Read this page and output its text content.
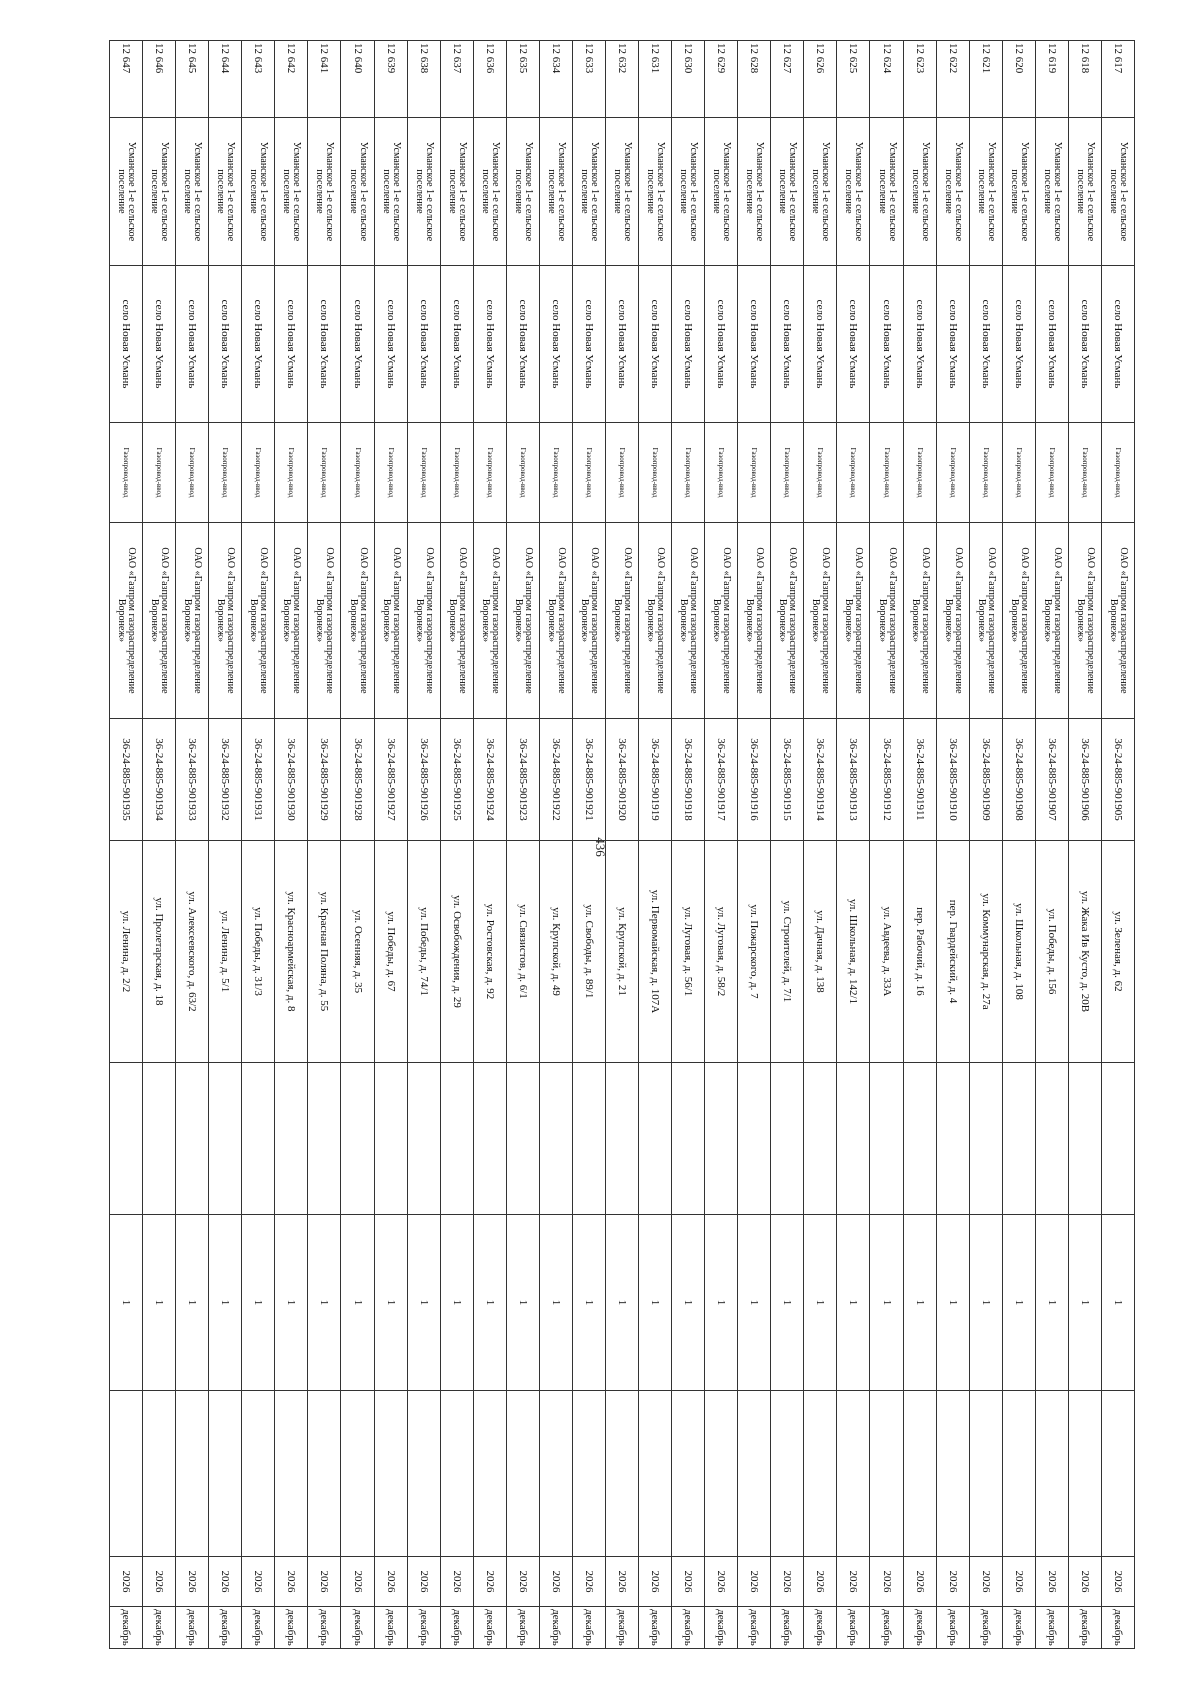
436
12 617	Усманское 1-е сельское поселение	село Новая Усмань	Газопровод-ввод	ОАО «Газпром газораспределение Воронеж»	36-24-885-901905	ул. Зеленая, д. 62		1		2026	декабрь
12 618	Усманское 1-е сельское поселение	село Новая Усмань	Газопровод-ввод	ОАО «Газпром газораспределение Воронеж»	36-24-885-901906	ул. Жака Ив Кусто, д. 20В		1		2026	декабрь
12 619	Усманское 1-е сельское поселение	село Новая Усмань	Газопровод-ввод	ОАО «Газпром газораспределение Воронеж»	36-24-885-901907	ул. Победы, д. 156		1		2026	декабрь
12 620	Усманское 1-е сельское поселение	село Новая Усмань	Газопровод-ввод	ОАО «Газпром газораспределение Воронеж»	36-24-885-901908	ул. Школьная, д. 108		1		2026	декабрь
12 621	Усманское 1-е сельское поселение	село Новая Усмань	Газопровод-ввод	ОАО «Газпром газораспределение Воронеж»	36-24-885-901909	ул. Коммунарская, д. 27а		1		2026	декабрь
12 622	Усманское 1-е сельское поселение	село Новая Усмань	Газопровод-ввод	ОАО «Газпром газораспределение Воронеж»	36-24-885-901910	пер. Гвардейский, д. 4		1		2026	декабрь
12 623	Усманское 1-е сельское поселение	село Новая Усмань	Газопровод-ввод	ОАО «Газпром газораспределение Воронеж»	36-24-885-901911	пер. Рабочий, д. 16		1		2026	декабрь
12 624	Усманское 1-е сельское поселение	село Новая Усмань	Газопровод-ввод	ОАО «Газпром газораспределение Воронеж»	36-24-885-901912	ул. Авдеева, д. 33А		1		2026	декабрь
12 625	Усманское 1-е сельское поселение	село Новая Усмань	Газопровод-ввод	ОАО «Газпром газораспределение Воронеж»	36-24-885-901913	ул. Школьная, д. 142/1		1		2026	декабрь
12 626	Усманское 1-е сельское поселение	село Новая Усмань	Газопровод-ввод	ОАО «Газпром газораспределение Воронеж»	36-24-885-901914	ул. Дачная, д. 138		1		2026	декабрь
12 627	Усманское 1-е сельское поселение	село Новая Усмань	Газопровод-ввод	ОАО «Газпром газораспределение Воронеж»	36-24-885-901915	ул. Строителей, д. 7/1		1		2026	декабрь
12 628	Усманское 1-е сельское поселение	село Новая Усмань	Газопровод-ввод	ОАО «Газпром газораспределение Воронеж»	36-24-885-901916	ул. Пожарского, д. 7		1		2026	декабрь
12 629	Усманское 1-е сельское поселение	село Новая Усмань	Газопровод-ввод	ОАО «Газпром газораспределение Воронеж»	36-24-885-901917	ул. Луговая, д. 58/2		1		2026	декабрь
12 630	Усманское 1-е сельское поселение	село Новая Усмань	Газопровод-ввод	ОАО «Газпром газораспределение Воронеж»	36-24-885-901918	ул. Луговая, д. 56/1		1		2026	декабрь
12 631	Усманское 1-е сельское поселение	село Новая Усмань	Газопровод-ввод	ОАО «Газпром газораспределение Воронеж»	36-24-885-901919	ул. Первомайская, д. 107А		1		2026	декабрь
12 632	Усманское 1-е сельское поселение	село Новая Усмань	Газопровод-ввод	ОАО «Газпром газораспределение Воронеж»	36-24-885-901920	ул. Крупской, д. 21		1		2026	декабрь
12 633	Усманское 1-е сельское поселение	село Новая Усмань	Газопровод-ввод	ОАО «Газпром газораспределение Воронеж»	36-24-885-901921	ул. Свободы, д. 89/1		1		2026	декабрь
12 634	Усманское 1-е сельское поселение	село Новая Усмань	Газопровод-ввод	ОАО «Газпром газораспределение Воронеж»	36-24-885-901922	ул. Крупской, д. 49		1		2026	декабрь
12 635	Усманское 1-е сельское поселение	село Новая Усмань	Газопровод-ввод	ОАО «Газпром газораспределение Воронеж»	36-24-885-901923	ул. Связистов, д. 6/1		1		2026	декабрь
12 636	Усманское 1-е сельское поселение	село Новая Усмань	Газопровод-ввод	ОАО «Газпром газораспределение Воронеж»	36-24-885-901924	ул. Ростовская, д. 92		1		2026	декабрь
12 637	Усманское 1-е сельское поселение	село Новая Усмань	Газопровод-ввод	ОАО «Газпром газораспределение Воронеж»	36-24-885-901925	ул. Освобождения, д. 29		1		2026	декабрь
12 638	Усманское 1-е сельское поселение	село Новая Усмань	Газопровод-ввод	ОАО «Газпром газораспределение Воронеж»	36-24-885-901926	ул. Победы, д. 74/1		1		2026	декабрь
12 639	Усманское 1-е сельское поселение	село Новая Усмань	Газопровод-ввод	ОАО «Газпром газораспределение Воронеж»	36-24-885-901927	ул. Победы, д. 67		1		2026	декабрь
12 640	Усманское 1-е сельское поселение	село Новая Усмань	Газопровод-ввод	ОАО «Газпром газораспределение Воронеж»	36-24-885-901928	ул. Осенняя, д. 35		1		2026	декабрь
12 641	Усманское 1-е сельское поселение	село Новая Усмань	Газопровод-ввод	ОАО «Газпром газораспределение Воронеж»	36-24-885-901929	ул. Красная Поляна, д. 55		1		2026	декабрь
12 642	Усманское 1-е сельское поселение	село Новая Усмань	Газопровод-ввод	ОАО «Газпром газораспределение Воронеж»	36-24-885-901930	ул. Красноармейская, д. 8		1		2026	декабрь
12 643	Усманское 1-е сельское поселение	село Новая Усмань	Газопровод-ввод	ОАО «Газпром газораспределение Воронеж»	36-24-885-901931	ул. Победы, д. 31/3		1		2026	декабрь
12 644	Усманское 1-е сельское поселение	село Новая Усмань	Газопровод-ввод	ОАО «Газпром газораспределение Воронеж»	36-24-885-901932	ул. Ленина, д. 5/1		1		2026	декабрь
12 645	Усманское 1-е сельское поселение	село Новая Усмань	Газопровод-ввод	ОАО «Газпром газораспределение Воронеж»	36-24-885-901933	ул. Алексеевского, д. 63/2		1		2026	декабрь
12 646	Усманское 1-е сельское поселение	село Новая Усмань	Газопровод-ввод	ОАО «Газпром газораспределение Воронеж»	36-24-885-901934	ул. Пролетарская, д. 18		1		2026	декабрь
12 647	Усманское 1-е сельское поселение	село Новая Усмань	Газопровод-ввод	ОАО «Газпром газораспределение Воронеж»	36-24-885-901935	ул. Ленина, д. 2/2		1		2026	декабрь
